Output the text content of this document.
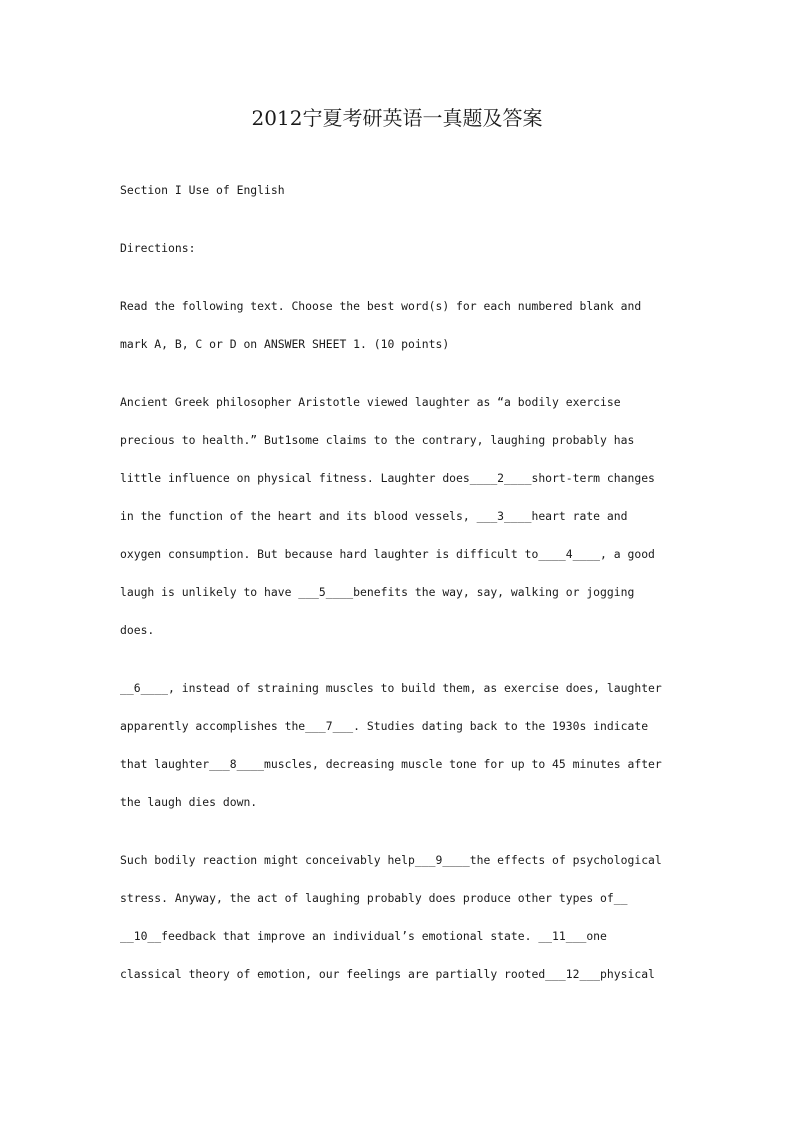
2012宁夏考研英语一真题及答案
Section I Use of English
Directions:
Read the following text. Choose the best word(s) for each numbered blank and
mark A, B, C or D on ANSWER SHEET 1. (10 points)
Ancient Greek philosopher Aristotle viewed laughter as “a bodily exercise
precious to health.” But1some claims to the contrary, laughing probably has
little influence on physical fitness. Laughter does____2____short-term changes
in the function of the heart and its blood vessels, ___3____heart rate and
oxygen consumption. But because hard laughter is difficult to____4____, a good
laugh is unlikely to have ___5____benefits the way, say, walking or jogging
does.
__6____, instead of straining muscles to build them, as exercise does, laughter
apparently accomplishes the___7___. Studies dating back to the 1930s indicate
that laughter___8____muscles, decreasing muscle tone for up to 45 minutes after
the laugh dies down.
Such bodily reaction might conceivably help___9____the effects of psychological
stress. Anyway, the act of laughing probably does produce other types of__
__10__feedback that improve an individual’s emotional state. __11___one
classical theory of emotion, our feelings are partially rooted___12___physical
